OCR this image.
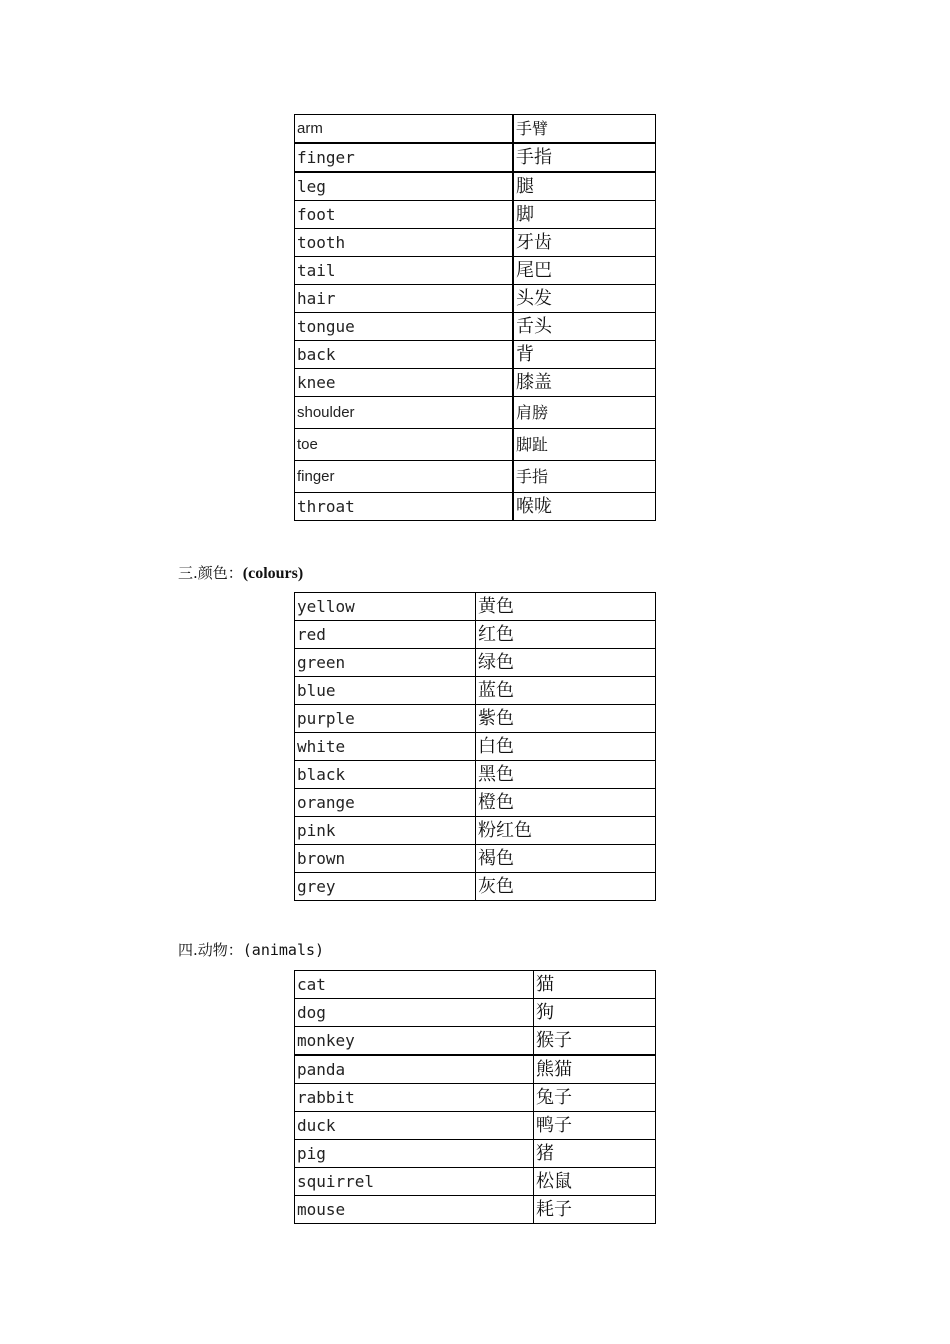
arm	手臂
finger	手指
leg	腿
foot	脚
tooth	牙齿
tail	尾巴
hair	头发
tongue	舌头
back	背
knee	膝盖
shoulder	肩膀
toe	脚趾
finger	手指
throat	喉咙
三.颜色：(colours)
yellow	黄色
red	红色
green	绿色
blue	蓝色
purple	紫色
white	白色
black	黑色
orange	橙色
pink	粉红色
brown	褐色
grey	灰色
四.动物：(animals)
cat	猫
dog	狗
monkey	猴子
panda	熊猫
rabbit	兔子
duck	鸭子
pig	猪
squirrel	松鼠
mouse	耗子
